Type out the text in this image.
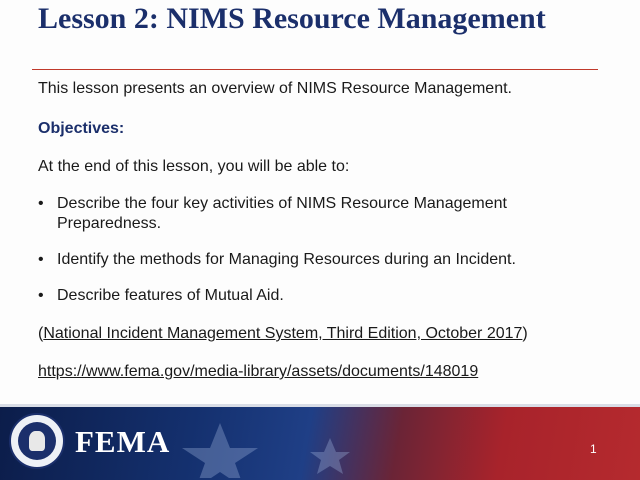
Lesson 2: NIMS Resource Management

This lesson presents an overview of NIMS Resource Management.

Objectives:

At the end of this lesson, you will be able to:

• Describe the four key activities of NIMS Resource Management Preparedness.
• Identify the methods for Managing Resources during an Incident.
• Describe features of Mutual Aid.

(National Incident Management System, Third Edition, October 2017)

https://www.fema.gov/media-library/assets/documents/148019

FEMA	1
